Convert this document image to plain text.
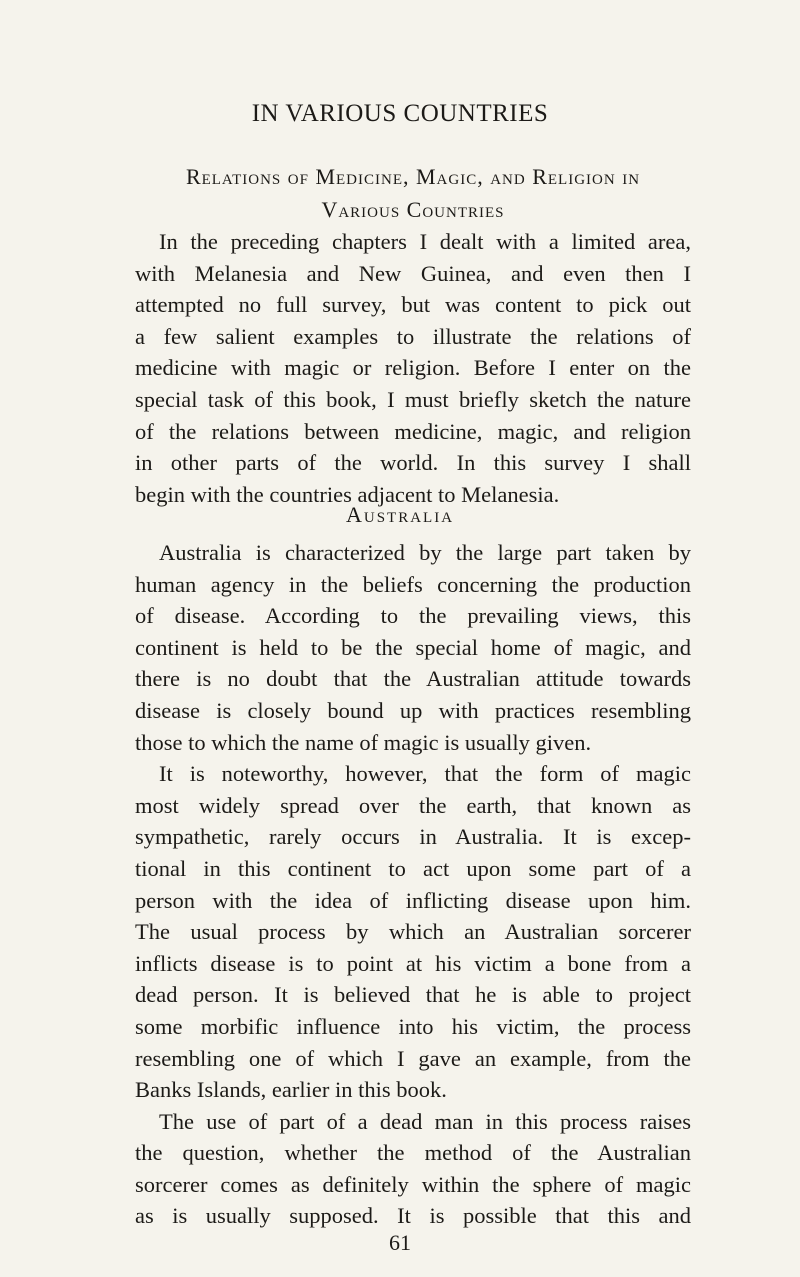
IN VARIOUS COUNTRIES
Relations of Medicine, Magic, and Religion in
Various Countries
In the preceding chapters I dealt with a limited area,
with Melanesia and New Guinea, and even then I
attempted no full survey, but was content to pick out
a few salient examples to illustrate the relations of
medicine with magic or religion. Before I enter on the
special task of this book, I must briefly sketch the nature
of the relations between medicine, magic, and religion
in other parts of the world. In this survey I shall
begin with the countries adjacent to Melanesia.
Australia
Australia is characterized by the large part taken by
human agency in the beliefs concerning the production
of disease. According to the prevailing views, this
continent is held to be the special home of magic, and
there is no doubt that the Australian attitude towards
disease is closely bound up with practices resembling
those to which the name of magic is usually given.
It is noteworthy, however, that the form of magic
most widely spread over the earth, that known as
sympathetic, rarely occurs in Australia. It is excep-
tional in this continent to act upon some part of a
person with the idea of inflicting disease upon him.
The usual process by which an Australian sorcerer
inflicts disease is to point at his victim a bone from a
dead person. It is believed that he is able to project
some morbific influence into his victim, the process
resembling one of which I gave an example, from the
Banks Islands, earlier in this book.
The use of part of a dead man in this process raises
the question, whether the method of the Australian
sorcerer comes as definitely within the sphere of magic
as is usually supposed. It is possible that this and
61
